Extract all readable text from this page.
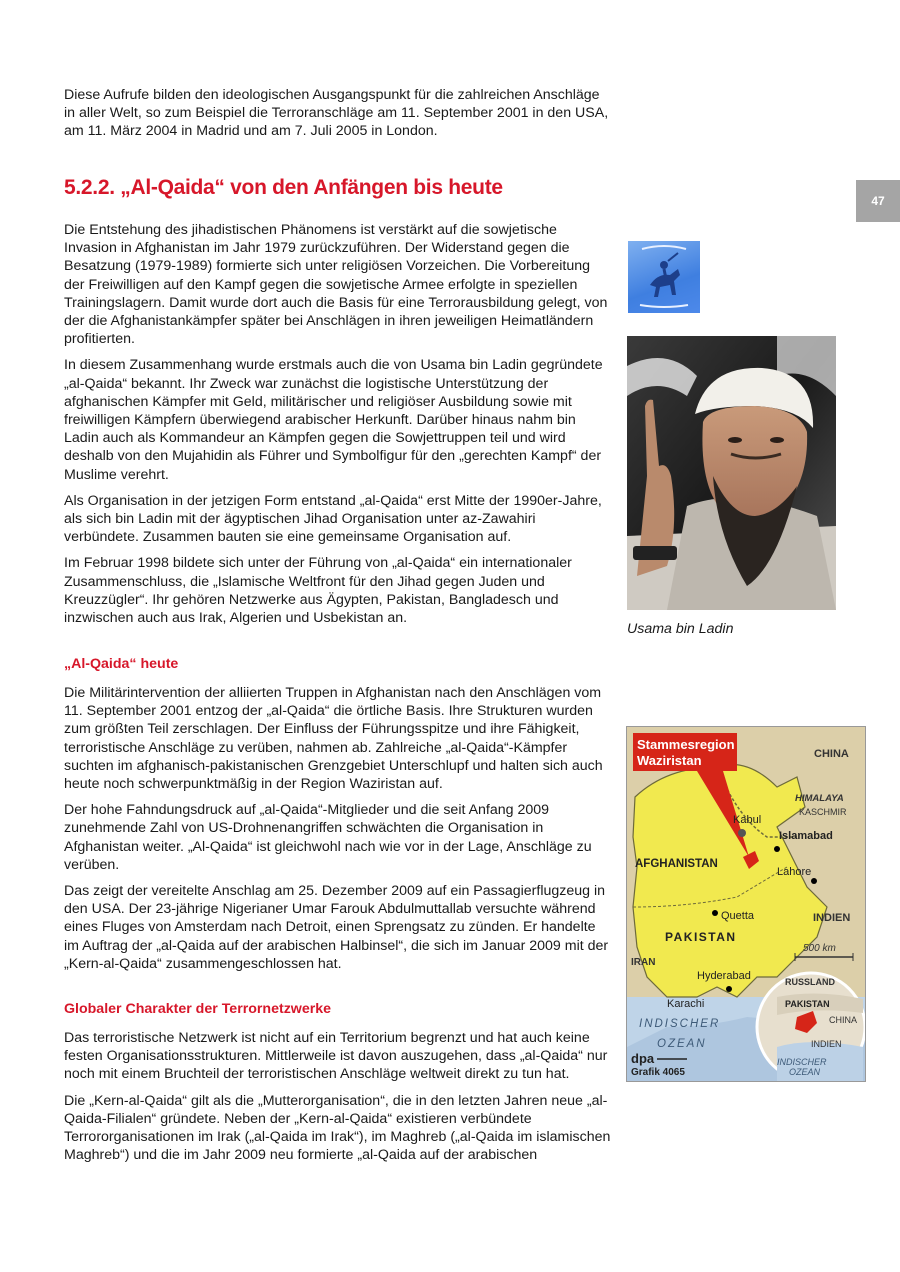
Diese Aufrufe bilden den ideologischen Ausgangspunkt für die zahlreichen Anschläge in aller Welt, so zum Beispiel die Terroranschläge am 11. September 2001 in den USA, am 11. März 2004 in Madrid und am 7. Juli 2005 in London.

5.2.2. „Al-Qaida“ von den Anfängen bis heute

Die Entstehung des jihadistischen Phänomens ist verstärkt auf die sowjetische Invasion in Afghanistan im Jahr 1979 zurückzuführen. Der Widerstand gegen die Besatzung (1979-1989) formierte sich unter religiösen Vorzeichen. Die Vorbereitung der Freiwilligen auf den Kampf gegen die sowjetische Armee erfolgte in speziellen Trainingslagern. Damit wurde dort auch die Basis für eine Terrorausbildung gelegt, von der die Afghanistankämpfer später bei Anschlägen in ihren jeweiligen Heimatländern profitierten.

In diesem Zusammenhang wurde erstmals auch die von Usama bin Ladin gegründete „al-Qaida“ bekannt. Ihr Zweck war zunächst die logistische Unterstützung der afghanischen Kämpfer mit Geld, militärischer und religiöser Ausbildung sowie mit freiwilligen Kämpfern überwiegend arabischer Herkunft. Darüber hinaus nahm bin Ladin auch als Kommandeur an Kämpfen gegen die Sowjettruppen teil und wird deshalb von den Mujahidin als Führer und Symbolfigur für den „gerechten Kampf“ der Muslime verehrt.

Als Organisation in der jetzigen Form entstand „al-Qaida“ erst Mitte der 1990er-Jahre, als sich bin Ladin mit der ägyptischen Jihad Organisation unter az-Zawahiri verbündete. Zusammen bauten sie eine gemeinsame Organisation auf.

Im Februar 1998 bildete sich unter der Führung von „al-Qaida“ ein internationaler Zusammenschluss, die „Islamische Weltfront für den Jihad gegen Juden und Kreuzzügler“. Ihr gehören Netzwerke aus Ägypten, Pakistan, Bangladesch und inzwischen auch aus Irak, Algerien und Usbekistan an.

„Al-Qaida“ heute

Die Militärintervention der alliierten Truppen in Afghanistan nach den Anschlägen vom 11. September 2001 entzog der „al-Qaida“ die örtliche Basis. Ihre Strukturen wurden zum größten Teil zerschlagen. Der Einfluss der Führungsspitze und ihre Fähigkeit, terroristische Anschläge zu verüben, nahmen ab. Zahlreiche „al-Qaida“-Kämpfer suchten im afghanisch-pakistanischen Grenzgebiet Unterschlupf und halten sich auch heute noch schwerpunktmäßig in der Region Waziristan auf.

Der hohe Fahndungsdruck auf „al-Qaida“-Mitglieder und die seit Anfang 2009 zunehmende Zahl von US-Drohnenangriffen schwächten die Organisation in Afghanistan weiter. „Al-Qaida“ ist gleichwohl nach wie vor in der Lage, Anschläge zu verüben.

Das zeigt der vereitelte Anschlag am 25. Dezember 2009 auf ein Passagierflugzeug in den USA. Der 23-jährige Nigerianer Umar Farouk Abdulmuttallab versuchte während eines Fluges von Amsterdam nach Detroit, einen Sprengsatz zu zünden. Er handelte im Auftrag der „al-Qaida auf der arabischen Halbinsel“, die sich im Januar 2009 mit der „Kern-al-Qaida“ zusammengeschlossen hat.

Globaler Charakter der Terrornetzwerke

Das terroristische Netzwerk ist nicht auf ein Territorium begrenzt und hat auch keine festen Organisationsstrukturen. Mittlerweile ist davon auszugehen, dass „al-Qaida“ nur noch mit einem Bruchteil der terroristischen Anschläge weltweit direkt zu tun hat.

Die „Kern-al-Qaida“ gilt als die „Mutterorganisation“, die in den letzten Jahren neue „al-Qaida-Filialen“ gründete. Neben der „Kern-al-Qaida“ existieren verbündete Terrororganisationen im Irak („al-Qaida im Irak“), im Maghreb („al-Qaida im islamischen Maghreb“) und die im Jahr 2009 neu formierte „al-Qaida auf der arabischen

47
Usama bin Ladin
Stammesregion
Waziristan	CHINA
HIMALAYA
KASCHMIR
Kabul
Islamabad
AFGHANISTAN
Lahore
Quetta	INDIEN
PAKISTAN
500 km
IRAN
Hyderabad
Karachi
INDISCHER
OZEAN
RUSSLAND
PAKISTAN
CHINA
INDIEN
INDISCHER
OZEAN
dpa
Grafik 4065
